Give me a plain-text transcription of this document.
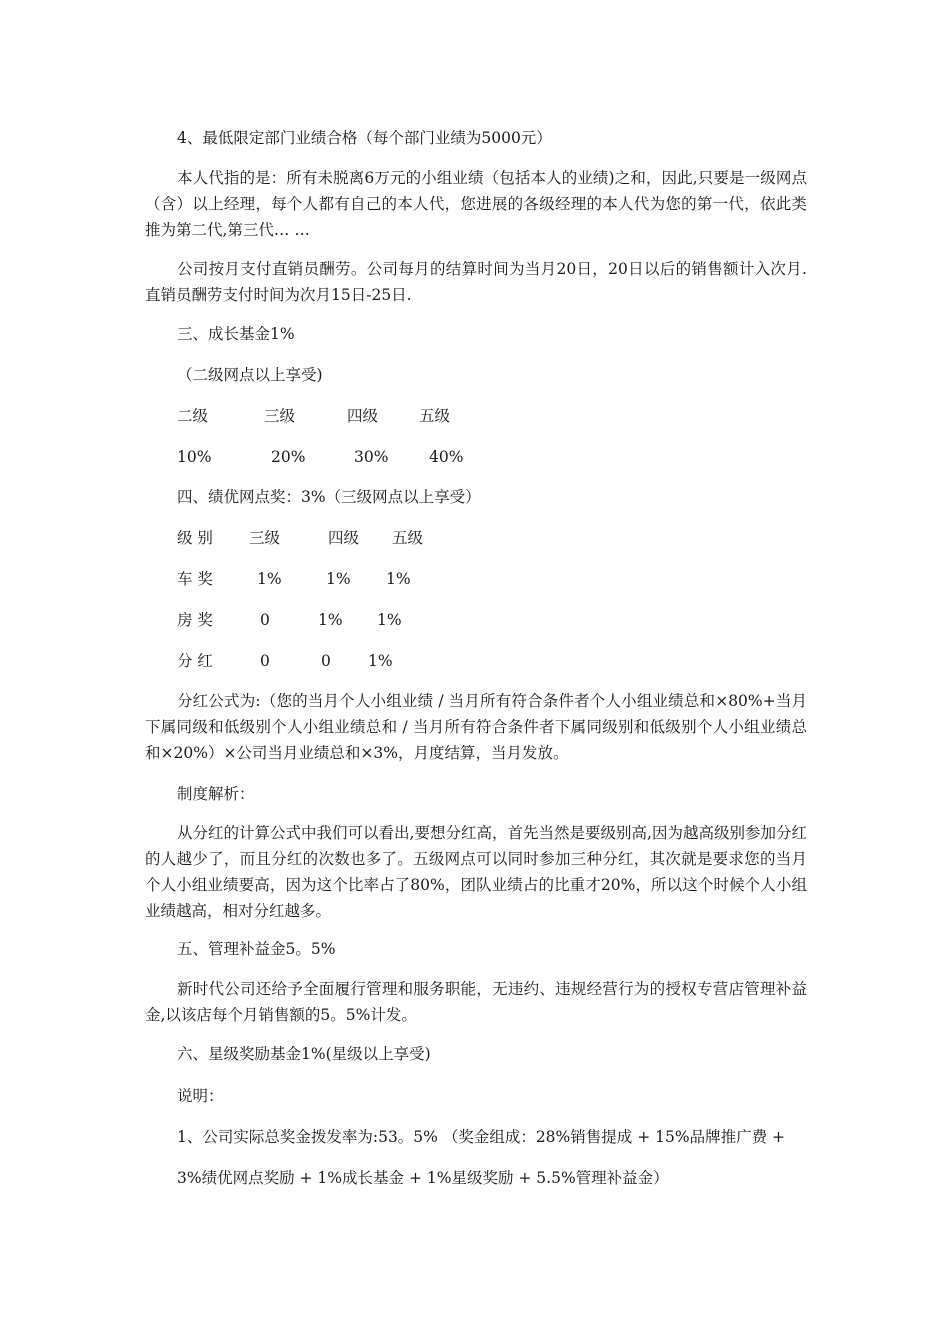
4、最低限定部门业绩合格（每个部门业绩为5000元）
本人代指的是：所有未脱离6万元的小组业绩（包括本人的业绩)之和，因此,只要是一级网点（含）以上经理，每个人都有自己的本人代，您进展的各级经理的本人代为您的第一代，依此类推为第二代,第三代… …
公司按月支付直销员酬劳。公司每月的结算时间为当月20日，20日以后的销售额计入次月.直销员酬劳支付时间为次月15日-25日.
三、成长基金1%
（二级网点以上享受)
二级	三级	四级	五级
10%	20%	30%	40%
四、绩优网点奖：3%（三级网点以上享受）
级 别 三级	四级 五级
车 奖	1%	1% 1%
房 奖	0	1% 1%
分 红	0	0 1%
分红公式为:（您的当月个人小组业绩 / 当月所有符合条件者个人小组业绩总和×80%+当月下属同级和低级别个人小组业绩总和 / 当月所有符合条件者下属同级别和低级别个人小组业绩总和×20%）×公司当月业绩总和×3%，月度结算，当月发放。
制度解析：
从分红的计算公式中我们可以看出,要想分红高，首先当然是要级别高,因为越高级别参加分红的人越少了，而且分红的次数也多了。五级网点可以同时参加三种分红，其次就是要求您的当月个人小组业绩要高，因为这个比率占了80%，团队业绩占的比重才20%，所以这个时候个人小组业绩越高，相对分红越多。
五、管理补益金5。5%
新时代公司还给予全面履行管理和服务职能，无违约、违规经营行为的授权专营店管理补益金,以该店每个月销售额的5。5%计发。
六、星级奖励基金1%(星级以上享受)
说明：
1、公司实际总奖金拨发率为:53。5% （奖金组成：28%销售提成 + 15%品牌推广费 +
3%绩优网点奖励 + 1%成长基金 + 1%星级奖励 + 5.5%管理补益金）
